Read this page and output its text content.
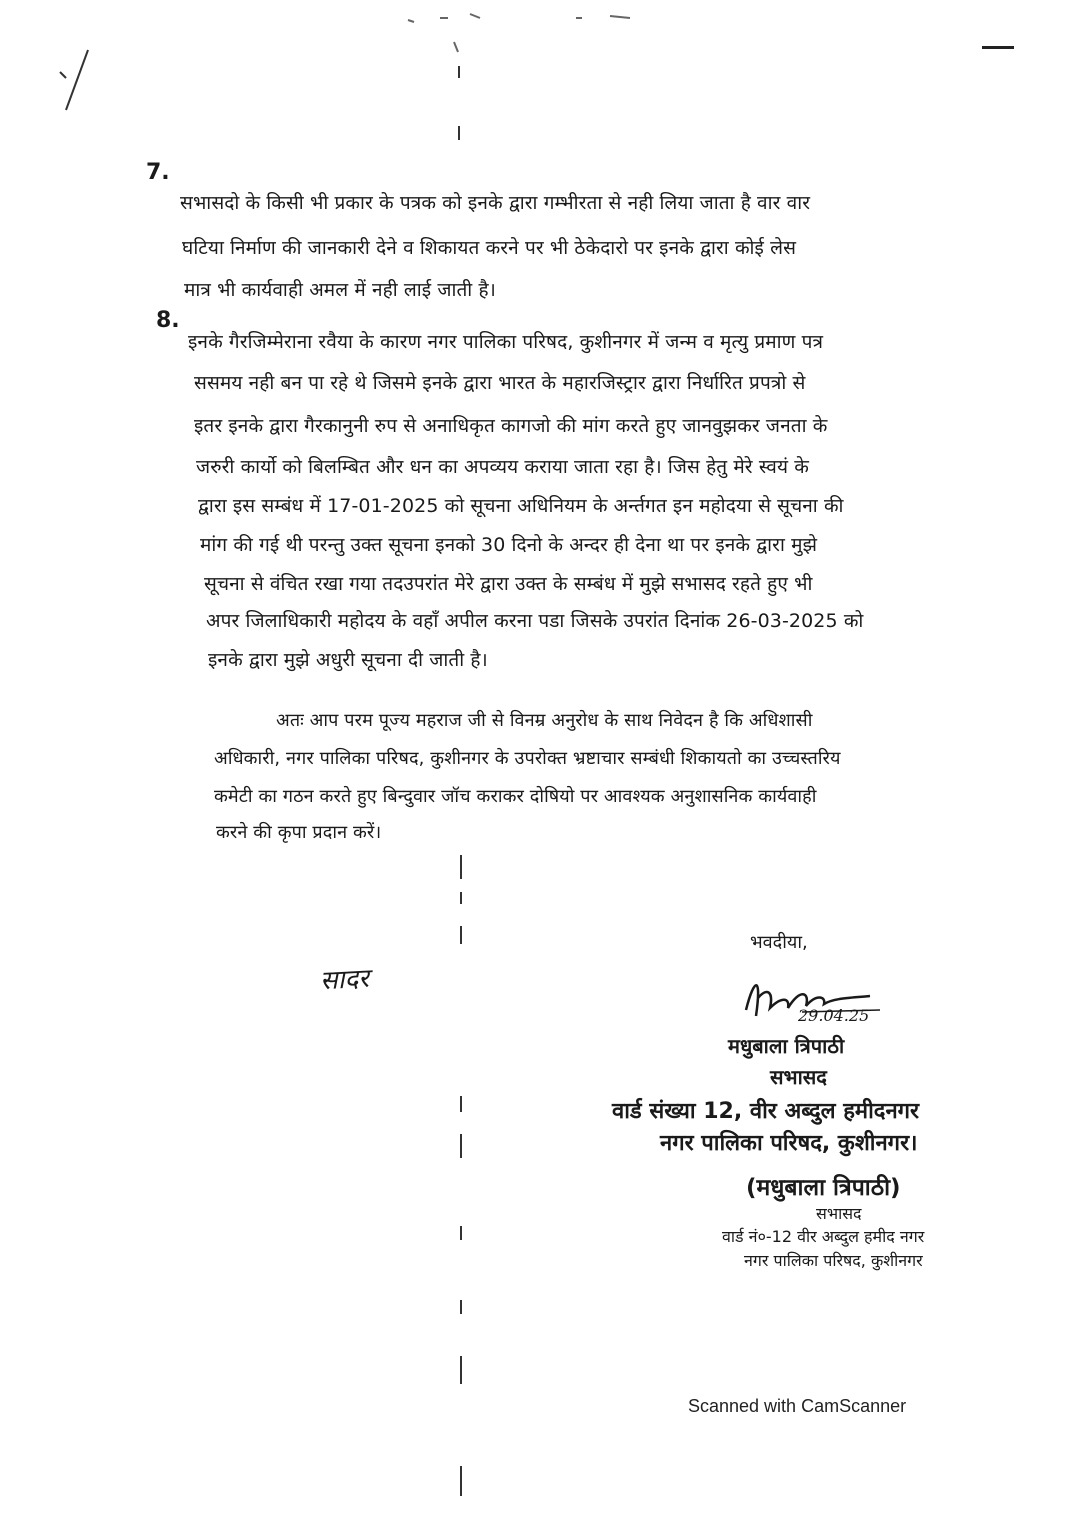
7.
सभासदो के किसी भी प्रकार के पत्रक को इनके द्वारा गम्भीरता से नही लिया जाता है वार वार
घटिया निर्माण की जानकारी देने व शिकायत करने पर भी ठेकेदारो पर इनके द्वारा कोई लेस
मात्र भी कार्यवाही अमल में नही लाई जाती है।
8.
इनके गैरजिम्मेराना रवैया के कारण नगर पालिका परिषद, कुशीनगर में जन्म व मृत्यु प्रमाण पत्र
ससमय नही बन पा रहे थे जिसमे इनके द्वारा भारत के महारजिस्ट्रार द्वारा निर्धारित प्रपत्रो से
इतर इनके द्वारा गैरकानुनी रुप से अनाधिकृत कागजो की मांग करते हुए जानवुझकर जनता के
जरुरी कार्यो को बिलम्बित और धन का अपव्यय कराया जाता रहा है। जिस हेतु मेरे स्वयं के
द्वारा इस सम्बंध में 17-01-2025 को सूचना अधिनियम के अर्न्तगत इन महोदया से सूचना की
मांग की गई थी परन्तु उक्त सूचना इनको 30 दिनो के अन्दर ही देना था पर इनके द्वारा मुझे
सूचना से वंचित रखा गया तदउपरांत मेरे द्वारा उक्त के सम्बंध में मुझे सभासद रहते हुए भी
अपर जिलाधिकारी महोदय के वहाँ अपील करना पडा जिसके उपरांत दिनांक 26-03-2025 को
इनके द्वारा मुझे अधुरी सूचना दी जाती है।
अतः आप परम पूज्य महराज जी से विनम्र अनुरोध के साथ निवेदन है कि अधिशासी
अधिकारी, नगर पालिका परिषद, कुशीनगर के उपरोक्त भ्रष्टाचार सम्बंधी शिकायतो का उच्चस्तरिय
कमेटी का गठन करते हुए बिन्दुवार जॉच कराकर दोषियो पर आवश्यक अनुशासनिक कार्यवाही
करने की कृपा प्रदान करें।
सादर
भवदीया,
29.04.25
मधुबाला त्रिपाठी
सभासद
वार्ड संख्या 12, वीर अब्दुल हमीदनगर
नगर पालिका परिषद, कुशीनगर।
(मधुबाला त्रिपाठी)
सभासद
वार्ड नं०-12 वीर अब्दुल हमीद नगर
नगर पालिका परिषद, कुशीनगर
Scanned with CamScanner
